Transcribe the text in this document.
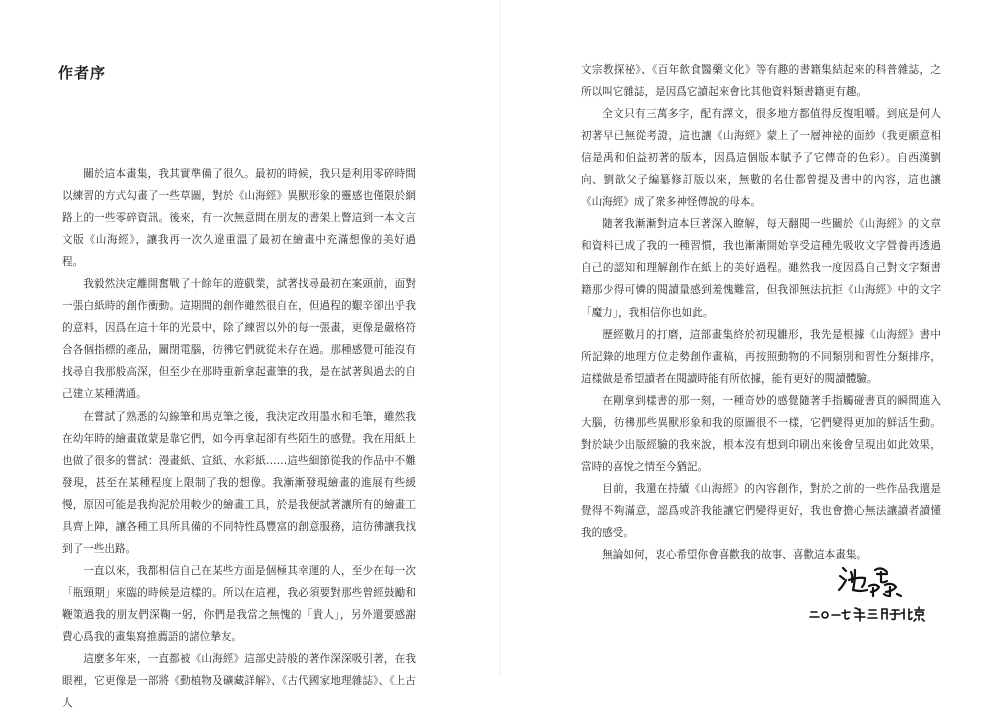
作者序

關於這本畫集，我其實準備了很久。最初的時候，我只是利用零碎時間以練習的方式勾畫了一些草圖，對於《山海經》異獸形象的靈感也僅限於網路上的一些零碎資訊。後來，有一次無意間在朋友的書架上瞥這到一本文言文版《山海經》，讓我再一次久違重溫了最初在繪畫中充滿想像的美好過程。

我毅然決定離開奮戰了十餘年的遊戲業，試著找尋最初在案頭前，面對一張白紙時的創作衝動。這期間的創作雖然很自在，但過程的艱辛卻出乎我的意料，因爲在這十年的光景中，除了練習以外的每一張畫，更像是嚴格符合各個指標的產品，關閉電腦，彷彿它們就從未存在過。那種感覺可能沒有找尋自我那般高深，但至少在那時重新拿起畫筆的我，是在試著與過去的自己建立某種溝通。

在嘗試了熟悉的勾線筆和馬克筆之後，我決定改用墨水和毛筆，雖然我在幼年時的繪畫啟蒙是靠它們，如今再拿起卻有些陌生的感覺。我在用紙上也做了很多的嘗試：漫畫紙、宣紙、水彩紙……這些細節從我的作品中不難發現，甚至在某種程度上限制了我的想像。我漸漸發現繪畫的進展有些緩慢，原因可能是我拘泥於用較少的繪畫工具，於是我便試著讓所有的繪畫工具齊上陣，讓各種工具所具備的不同特性爲豐富的創意服務，這彷彿讓我找到了一些出路。

一直以來，我都相信自己在某些方面是個極其幸運的人，至少在每一次「瓶頸期」來臨的時候是這樣的。所以在這裡，我必須要對那些曾經鼓勵和鞭策過我的朋友們深鞠一躬，你們是我當之無愧的「貴人」，另外還要感謝費心爲我的畫集寫推薦語的諸位摯友。

這麼多年來，一直都被《山海經》這部史詩般的著作深深吸引著，在我眼裡，它更像是一部將《動植物及礦藏詳解》、《古代國家地理雜誌》、《上古人

文宗教探祕》、《百年飲食醫藥文化》等有趣的書籍集結起來的科普雜誌，之所以叫它雜誌，是因爲它讀起來會比其他資料類書籍更有趣。

全文只有三萬多字，配有譯文，很多地方都值得反復咀嚼。到底是何人初著早已無從考證，這也讓《山海經》蒙上了一層神祕的面紗（我更願意相信是禹和伯益初著的版本，因爲這個版本賦予了它傳奇的色彩）。自西漢劉向、劉歆父子編纂修訂版以來，無數的名仕都曾提及書中的內容，這也讓《山海經》成了衆多神怪傳說的母本。

隨著我漸漸對這本巨著深入瞭解，每天翻閱一些關於《山海經》的文章和資料已成了我的一種習慣，我也漸漸開始享受這種先吸收文字營養再透過自己的認知和理解創作在紙上的美好過程。雖然我一度因爲自己對文字類書籍那少得可憐的閱讀量感到羞愧難當，但我卻無法抗拒《山海經》中的文字「魔力」，我相信你也如此。

歷經數月的打磨，這部畫集終於初現雛形，我先是根據《山海經》書中所記錄的地理方位走勢創作畫稿，再按照動物的不同類別和習性分類排序，這樣做是希望讀者在閱讀時能有所依據，能有更好的閱讀體驗。

在剛拿到樣書的那一刻，一種奇妙的感覺隨著手指觸碰書頁的瞬間進入大腦，彷彿那些異獸形象和我的原圖很不一樣，它們變得更加的鮮活生動。對於缺少出版經驗的我來說，根本沒有想到印刷出來後會呈現出如此效果，當時的喜悅之情至今猶記。

目前，我還在持續《山海經》的內容創作，對於之前的一些作品我還是覺得不夠滿意，認爲或許我能讓它們變得更好，我也會擔心無法讓讀者讀懂我的感受。

無論如何，衷心希望你會喜歡我的故事、喜歡這本畫集。
